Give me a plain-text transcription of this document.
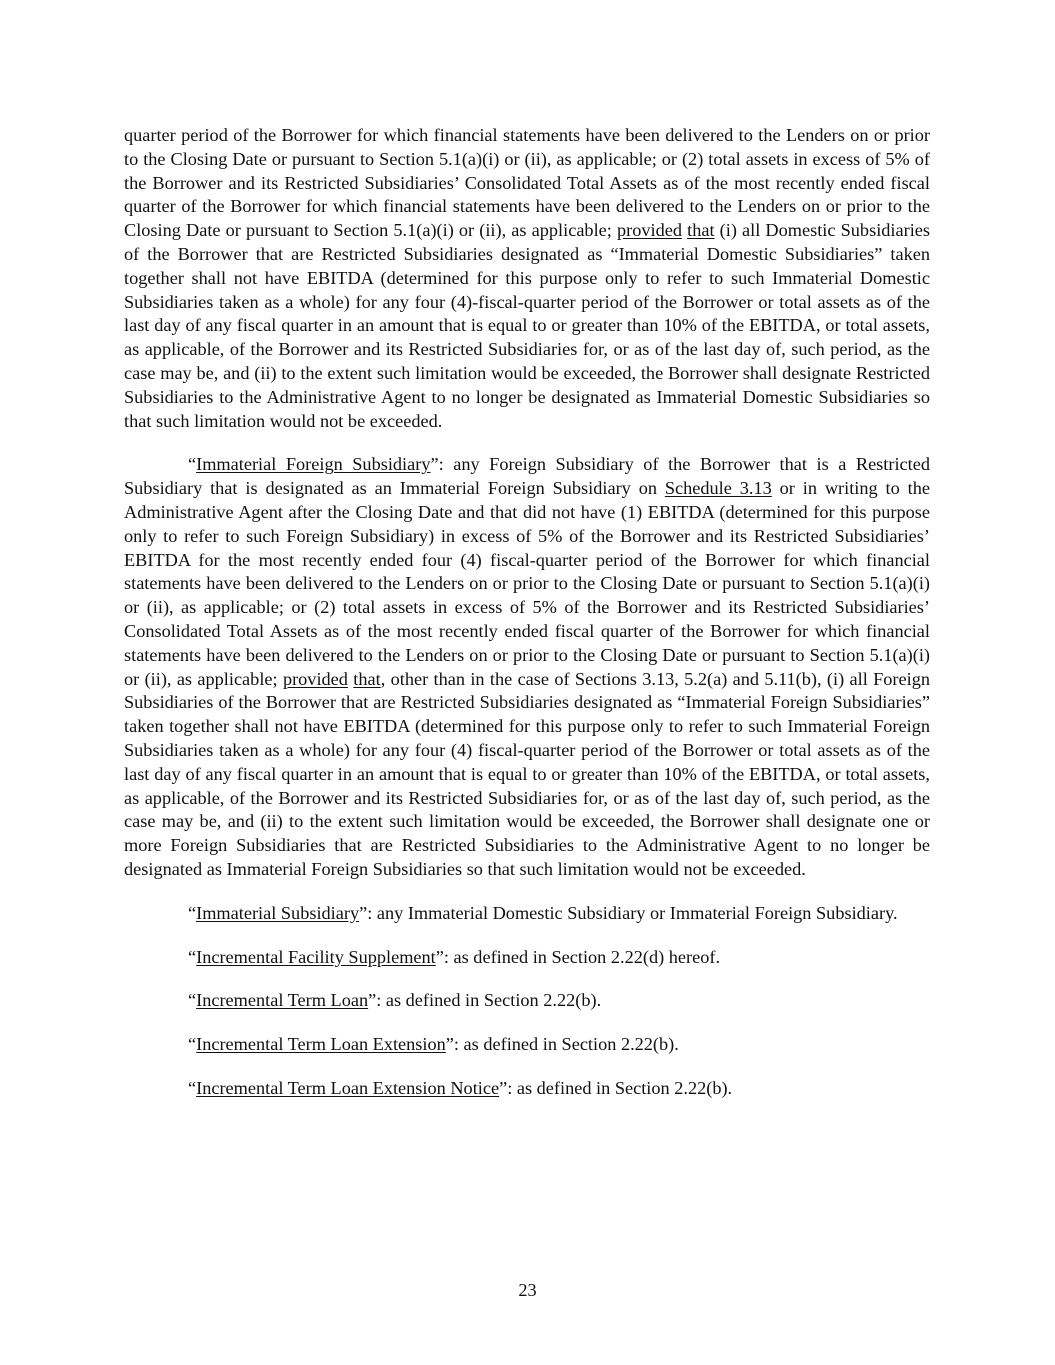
quarter period of the Borrower for which financial statements have been delivered to the Lenders on or prior to the Closing Date or pursuant to Section 5.1(a)(i) or (ii), as applicable; or (2) total assets in excess of 5% of the Borrower and its Restricted Subsidiaries’ Consolidated Total Assets as of the most recently ended fiscal quarter of the Borrower for which financial statements have been delivered to the Lenders on or prior to the Closing Date or pursuant to Section 5.1(a)(i) or (ii), as applicable; provided that (i) all Domestic Subsidiaries of the Borrower that are Restricted Subsidiaries designated as “Immaterial Domestic Subsidiaries” taken together shall not have EBITDA (determined for this purpose only to refer to such Immaterial Domestic Subsidiaries taken as a whole) for any four (4)-fiscal-quarter period of the Borrower or total assets as of the last day of any fiscal quarter in an amount that is equal to or greater than 10% of the EBITDA, or total assets, as applicable, of the Borrower and its Restricted Subsidiaries for, or as of the last day of, such period, as the case may be, and (ii) to the extent such limitation would be exceeded, the Borrower shall designate Restricted Subsidiaries to the Administrative Agent to no longer be designated as Immaterial Domestic Subsidiaries so that such limitation would not be exceeded.

“Immaterial Foreign Subsidiary”: any Foreign Subsidiary of the Borrower that is a Restricted Subsidiary that is designated as an Immaterial Foreign Subsidiary on Schedule 3.13 or in writing to the Administrative Agent after the Closing Date and that did not have (1) EBITDA (determined for this purpose only to refer to such Foreign Subsidiary) in excess of 5% of the Borrower and its Restricted Subsidiaries’ EBITDA for the most recently ended four (4) fiscal-quarter period of the Borrower for which financial statements have been delivered to the Lenders on or prior to the Closing Date or pursuant to Section 5.1(a)(i) or (ii), as applicable; or (2) total assets in excess of 5% of the Borrower and its Restricted Subsidiaries’ Consolidated Total Assets as of the most recently ended fiscal quarter of the Borrower for which financial statements have been delivered to the Lenders on or prior to the Closing Date or pursuant to Section 5.1(a)(i) or (ii), as applicable; provided that, other than in the case of Sections 3.13, 5.2(a) and 5.11(b), (i) all Foreign Subsidiaries of the Borrower that are Restricted Subsidiaries designated as “Immaterial Foreign Subsidiaries” taken together shall not have EBITDA (determined for this purpose only to refer to such Immaterial Foreign Subsidiaries taken as a whole) for any four (4) fiscal-quarter period of the Borrower or total assets as of the last day of any fiscal quarter in an amount that is equal to or greater than 10% of the EBITDA, or total assets, as applicable, of the Borrower and its Restricted Subsidiaries for, or as of the last day of, such period, as the case may be, and (ii) to the extent such limitation would be exceeded, the Borrower shall designate one or more Foreign Subsidiaries that are Restricted Subsidiaries to the Administrative Agent to no longer be designated as Immaterial Foreign Subsidiaries so that such limitation would not be exceeded.

“Immaterial Subsidiary”: any Immaterial Domestic Subsidiary or Immaterial Foreign Subsidiary.

“Incremental Facility Supplement”: as defined in Section 2.22(d) hereof.

“Incremental Term Loan”: as defined in Section 2.22(b).

“Incremental Term Loan Extension”: as defined in Section 2.22(b).

“Incremental Term Loan Extension Notice”: as defined in Section 2.22(b).

23
